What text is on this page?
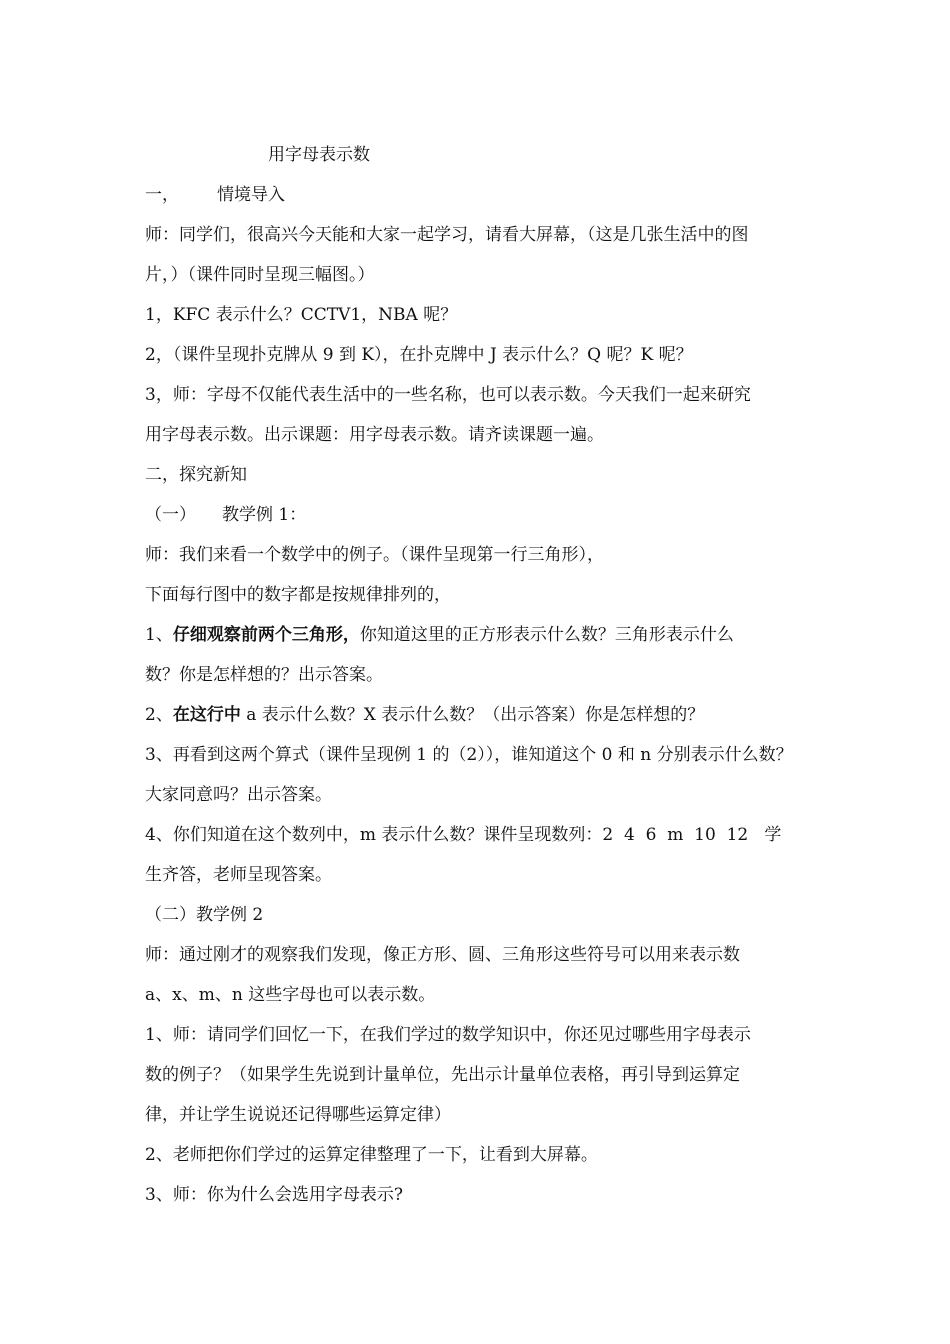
用字母表示数
一， 情境导入
师：同学们，很高兴今天能和大家一起学习，请看大屏幕，（这是几张生活中的图
片，）（课件同时呈现三幅图。）
1，KFC 表示什么？CCTV1，NBA 呢？
2，（课件呈现扑克牌从 9 到 K），在扑克牌中 J 表示什么？Q 呢？K 呢？
3，师：字母不仅能代表生活中的一些名称，也可以表示数。今天我们一起来研究
用字母表示数。出示课题：用字母表示数。请齐读课题一遍。
二，探究新知
（一） 教学例 1：
师：我们来看一个数学中的例子。（课件呈现第一行三角形），
下面每行图中的数字都是按规律排列的，
1、仔细观察前两个三角形，你知道这里的正方形表示什么数？三角形表示什么
数？你是怎样想的？出示答案。
2、在这行中 a 表示什么数？X 表示什么数？（出示答案）你是怎样想的？
3、再看到这两个算式（课件呈现例 1 的（2）），谁知道这个 0 和 n 分别表示什么数？
大家同意吗？出示答案。
4、你们知道在这个数列中，m 表示什么数？课件呈现数列：2  4  6  m  10  12   学
生齐答，老师呈现答案。
（二）教学例 2
师：通过刚才的观察我们发现，像正方形、圆、三角形这些符号可以用来表示数
a、x、m、n 这些字母也可以表示数。
1、师：请同学们回忆一下，在我们学过的数学知识中，你还见过哪些用字母表示
数的例子？（如果学生先说到计量单位，先出示计量单位表格，再引导到运算定
律，并让学生说说还记得哪些运算定律）
2、老师把你们学过的运算定律整理了一下，让看到大屏幕。
3、师：你为什么会选用字母表示?
